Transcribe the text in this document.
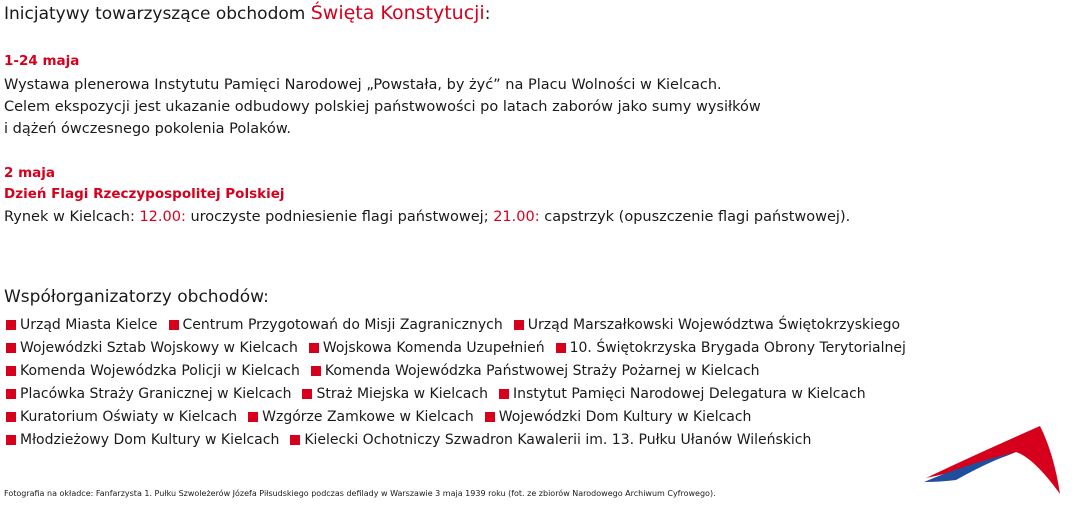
Inicjatywy towarzyszące obchodom Święta Konstytucji:

1-24 maja

Wystawa plenerowa Instytutu Pamięci Narodowej „Powstała, by żyć” na Placu Wolności w Kielcach.
Celem ekspozycji jest ukazanie odbudowy polskiej państwowości po latach zaborów jako sumy wysiłków
i dążeń ówczesnego pokolenia Polaków.

2 maja

Dzień Flagi Rzeczypospolitej Polskiej

Rynek w Kielcach: 12.00: uroczyste podniesienie flagi państwowej; 21.00: capstrzyk (opuszczenie flagi państwowej).

Współorganizatorzy obchodów:
Urząd Miasta Kielce Centrum Przygotowań do Misji Zagranicznych Urząd Marszałkowski Województwa Świętokrzyskiego
Wojewódzki Sztab Wojskowy w Kielcach Wojskowa Komenda Uzupełnień 10. Świętokrzyska Brygada Obrony Terytorialnej
Komenda Wojewódzka Policji w Kielcach Komenda Wojewódzka Państwowej Straży Pożarnej w Kielcach
Placówka Straży Granicznej w Kielcach Straż Miejska w Kielcach Instytut Pamięci Narodowej Delegatura w Kielcach
Kuratorium Oświaty w Kielcach Wzgórze Zamkowe w Kielcach Wojewódzki Dom Kultury w Kielcach
Młodzieżowy Dom Kultury w Kielcach Kielecki Ochotniczy Szwadron Kawalerii im. 13. Pułku Ułanów Wileńskich

Fotografia na okładce: Fanfarzysta 1. Pułku Szwoleżerów Józefa Piłsudskiego podczas defilady w Warszawie 3 maja 1939 roku (fot. ze zbiorów Narodowego Archiwum Cyfrowego).
